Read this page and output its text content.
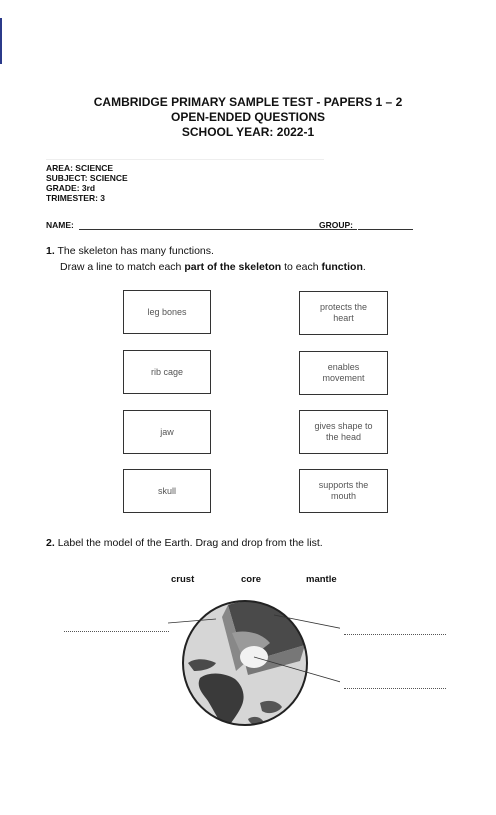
CAMBRIDGE PRIMARY SAMPLE TEST - PAPERS 1 – 2
OPEN-ENDED QUESTIONS
SCHOOL YEAR: 2022-1
AREA: SCIENCE
SUBJECT: SCIENCE
GRADE: 3rd
TRIMESTER: 3
NAME:	GROUP:
1. The skeleton has many functions.
Draw a line to match each part of the skeleton to each function.
leg bones
rib cage
jaw
skull
protects the heart
enables movement
gives shape to the head
supports the mouth
2. Label the model of the Earth. Drag and drop from the list.
crust	core	mantle
